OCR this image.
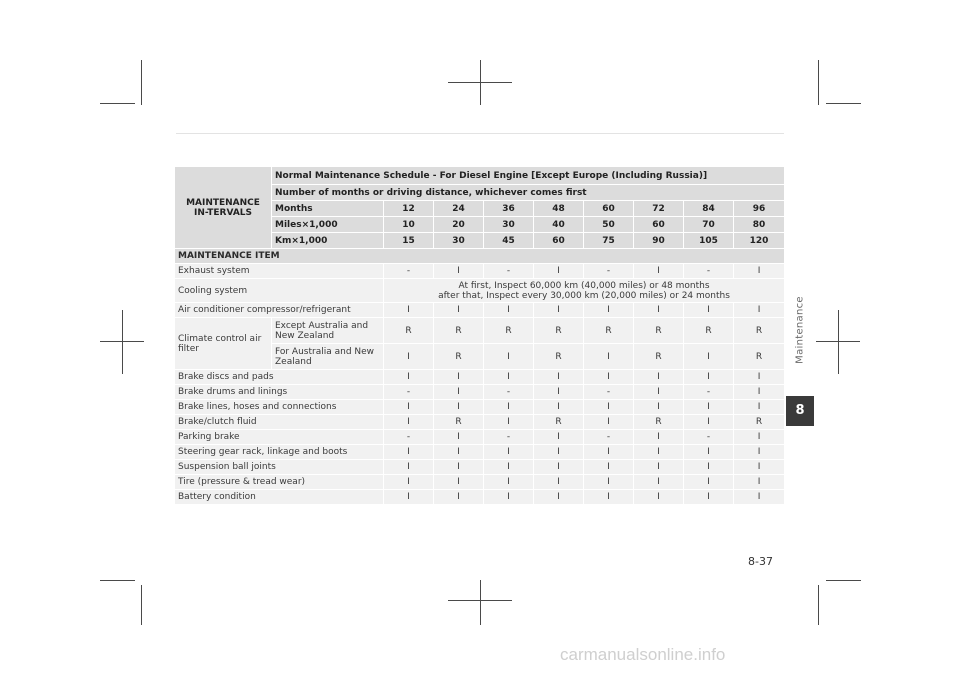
MAINTENANCE IN-TERVALS	Normal Maintenance Schedule - For Diesel Engine [Except Europe (Including Russia)]								
	Number of months or driving distance, whichever comes first								
	Months	12	24	36	48	60	72	84	96
	Miles×1,000	10	20	30	40	50	60	70	80
	Km×1,000	15	30	45	60	75	90	105	120
MAINTENANCE ITEM									
Exhaust system		-	I	-	I	-	I	-	I
Cooling system		At first, Inspect 60,000 km (40,000 miles) or 48 months
after that, Inspect every 30,000 km (20,000 miles) or 24 months							

Air conditioner compressor/refrigerant		I	I	I	I	I	I	I	I
Climate control air filter	Except Australia and New Zealand	R	R	R	R	R	R	R	R
	For Australia and New Zealand	I	R	I	R	I	R	I	R
Brake discs and pads		I	I	I	I	I	I	I	I
Brake drums and linings		-	I	-	I	-	I	-	I
Brake lines, hoses and connections		I	I	I	I	I	I	I	I
Brake/clutch fluid		I	R	I	R	I	R	I	R
Parking brake		-	I	-	I	-	I	-	I
Steering gear rack, linkage and boots		I	I	I	I	I	I	I	I
Suspension ball joints		I	I	I	I	I	I	I	I
Tire (pressure & tread wear)		I	I	I	I	I	I	I	I
Battery condition		I	I	I	I	I	I	I	I
Maintenance
8
8-37
carmanualsonline.info
